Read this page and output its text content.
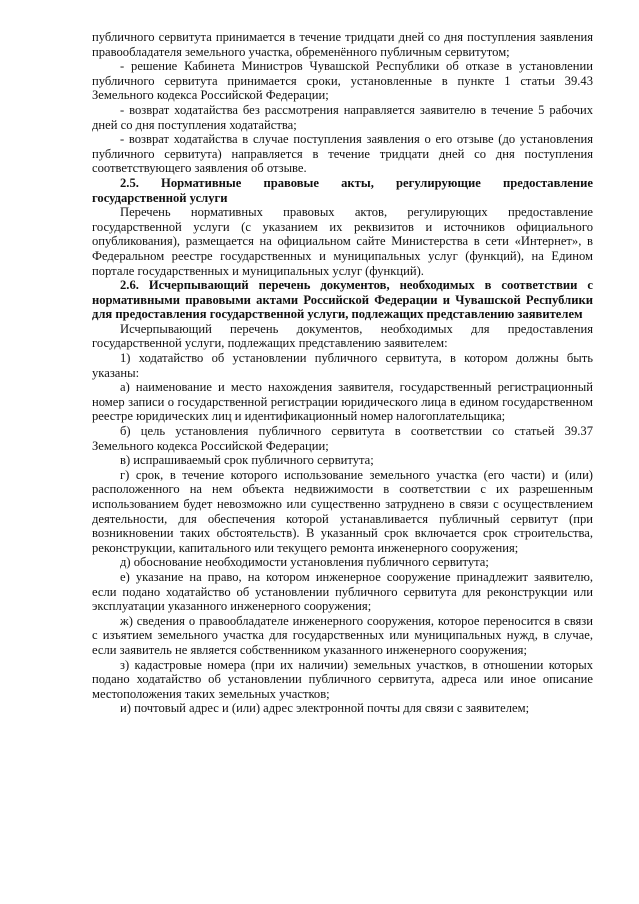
публичного сервитута принимается в течение тридцати дней со дня поступления заявления правообладателя земельного участка, обременённого публичным сервитутом;

- решение Кабинета Министров Чувашской Республики об отказе в установлении публичного сервитута принимается сроки, установленные в пункте 1 статьи 39.43 Земельного кодекса Российской Федерации;

- возврат ходатайства без рассмотрения направляется заявителю в течение 5 рабочих дней со дня поступления ходатайства;

- возврат ходатайства в случае поступления заявления о его отзыве (до установления публичного сервитута) направляется в течение тридцати дней со дня поступления соответствующего заявления об отзыве.

2.5. Нормативные правовые акты, регулирующие предоставление государственной услуги

Перечень нормативных правовых актов, регулирующих предоставление государственной услуги (с указанием их реквизитов и источников официального опубликования), размещается на официальном сайте Министерства в сети «Интернет», в Федеральном реестре государственных и муниципальных услуг (функций), на Едином портале государственных и муниципальных услуг (функций).

2.6. Исчерпывающий перечень документов, необходимых в соответствии с нормативными правовыми актами Российской Федерации и Чувашской Республики для предоставления государственной услуги, подлежащих представлению заявителем

Исчерпывающий перечень документов, необходимых для предоставления государственной услуги, подлежащих представлению заявителем:

1) ходатайство об установлении публичного сервитута, в котором должны быть указаны:

а) наименование и место нахождения заявителя, государственный регистрационный номер записи о государственной регистрации юридического лица в едином государственном реестре юридических лиц и идентификационный номер налогоплательщика;

б) цель установления публичного сервитута в соответствии со статьей 39.37 Земельного кодекса Российской Федерации;

в) испрашиваемый срок публичного сервитута;

г) срок, в течение которого использование земельного участка (его части) и (или) расположенного на нем объекта недвижимости в соответствии с их разрешенным использованием будет невозможно или существенно затруднено в связи с осуществлением деятельности, для обеспечения которой устанавливается публичный сервитут (при возникновении таких обстоятельств). В указанный срок включается срок строительства, реконструкции, капитального или текущего ремонта инженерного сооружения;

д) обоснование необходимости установления публичного сервитута;

е) указание на право, на котором инженерное сооружение принадлежит заявителю, если подано ходатайство об установлении публичного сервитута для реконструкции или эксплуатации указанного инженерного сооружения;

ж) сведения о правообладателе инженерного сооружения, которое переносится в связи с изъятием земельного участка для государственных или муниципальных нужд, в случае, если заявитель не является собственником указанного инженерного сооружения;

з) кадастровые номера (при их наличии) земельных участков, в отношении которых подано ходатайство об установлении публичного сервитута, адреса или иное описание местоположения таких земельных участков;

и) почтовый адрес и (или) адрес электронной почты для связи с заявителем;
